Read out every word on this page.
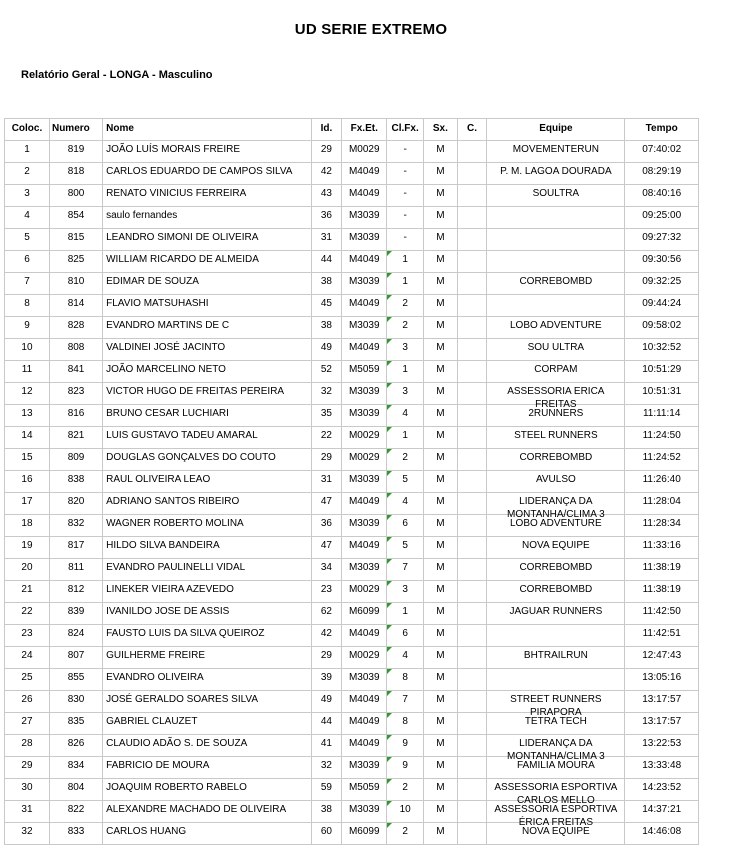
UD SERIE EXTREMO
Relatório Geral - LONGA - Masculino
Coloc.	Numero	Nome	Id.	Fx.Et.	Cl.Fx.	Sx.	C.	Equipe	Tempo
1	819	JOÃO LUÍS MORAIS FREIRE	29	M0029	-	M		MOVEMENTERUN	07:40:02
2	818	CARLOS EDUARDO DE CAMPOS SILVA	42	M4049	-	M		P. M. LAGOA DOURADA	08:29:19
3	800	RENATO VINICIUS FERREIRA	43	M4049	-	M		SOULTRA	08:40:16
4	854	saulo fernandes	36	M3039	-	M			09:25:00
5	815	LEANDRO SIMONI DE OLIVEIRA	31	M3039	-	M			09:27:32
6	825	WILLIAM RICARDO DE ALMEIDA	44	M4049	1	M			09:30:56
7	810	EDIMAR DE SOUZA	38	M3039	1	M		CORREBOMBD	09:32:25
8	814	FLAVIO MATSUHASHI	45	M4049	2	M			09:44:24
9	828	EVANDRO MARTINS DE C	38	M3039	2	M		LOBO ADVENTURE	09:58:02
10	808	VALDINEI JOSÉ JACINTO	49	M4049	3	M		SOU ULTRA	10:32:52
11	841	JOÃO MARCELINO NETO	52	M5059	1	M		CORPAM	10:51:29
12	823	VICTOR HUGO DE FREITAS PEREIRA	32	M3039	3	M		ASSESSORIA ERICA FREITAS	10:51:31
13	816	BRUNO CESAR LUCHIARI	35	M3039	4	M		2RUNNERS	11:11:14
14	821	LUIS GUSTAVO TADEU AMARAL	22	M0029	1	M		STEEL RUNNERS	11:24:50
15	809	DOUGLAS GONÇALVES DO COUTO	29	M0029	2	M		CORREBOMBD	11:24:52
16	838	RAUL OLIVEIRA LEAO	31	M3039	5	M		AVULSO	11:26:40
17	820	ADRIANO SANTOS RIBEIRO	47	M4049	4	M		LIDERANÇA DA MONTANHA/CLIMA 3	11:28:04
18	832	WAGNER ROBERTO MOLINA	36	M3039	6	M		LOBO ADVENTURE	11:28:34
19	817	HILDO SILVA BANDEIRA	47	M4049	5	M		NOVA EQUIPE	11:33:16
20	811	EVANDRO PAULINELLI VIDAL	34	M3039	7	M		CORREBOMBD	11:38:19
21	812	LINEKER VIEIRA AZEVEDO	23	M0029	3	M		CORREBOMBD	11:38:19
22	839	IVANILDO JOSE DE ASSIS	62	M6099	1	M		JAGUAR RUNNERS	11:42:50
23	824	FAUSTO LUIS DA SILVA QUEIROZ	42	M4049	6	M			11:42:51
24	807	GUILHERME FREIRE	29	M0029	4	M		BHTRAILRUN	12:47:43
25	855	EVANDRO OLIVEIRA	39	M3039	8	M			13:05:16
26	830	JOSÉ GERALDO SOARES SILVA	49	M4049	7	M		STREET RUNNERS PIRAPORA	13:17:57
27	835	GABRIEL CLAUZET	44	M4049	8	M		TETRA TECH	13:17:57
28	826	CLAUDIO ADÃO S. DE SOUZA	41	M4049	9	M		LIDERANÇA DA MONTANHA/CLIMA 3	13:22:53
29	834	FABRICIO DE MOURA	32	M3039	9	M		FAMILIA MOURA	13:33:48
30	804	JOAQUIM ROBERTO RABELO	59	M5059	2	M		ASSESSORIA ESPORTIVA CARLOS MELLO	14:23:52
31	822	ALEXANDRE MACHADO DE OLIVEIRA	38	M3039	10	M		ASSESSORIA ESPORTIVA ÉRICA FREITAS	14:37:21
32	833	CARLOS HUANG	60	M6099	2	M		NOVA EQUIPE	14:46:08
